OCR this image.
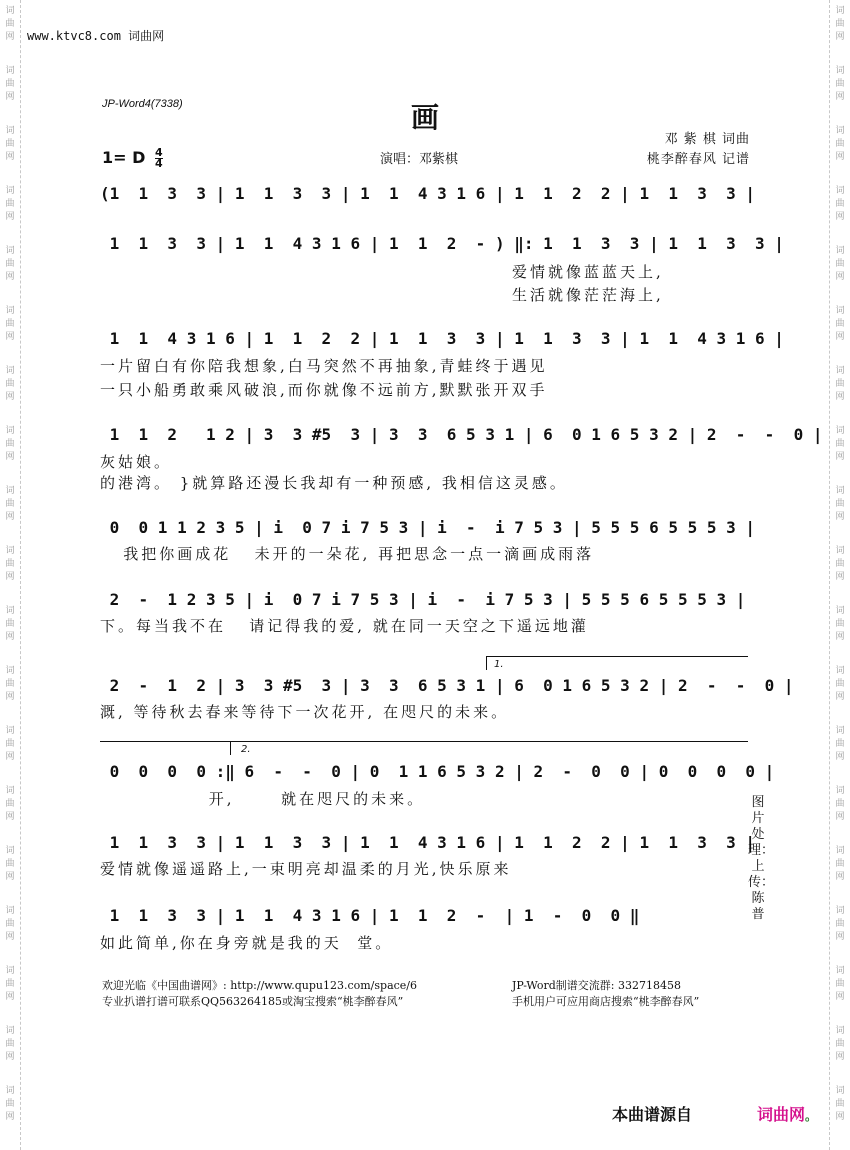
词
曲
网
词
曲
网
词
曲
网
词
曲
网
词
曲
网
词
曲
网
词
曲
网
词
曲
网
词
曲
网
词
曲
网
词
曲
网
词
曲
网
词
曲
网
词
曲
网
词
曲
网
词
曲
网
词
曲
网
词
曲
网
词
曲
网
词
曲
网
词
曲
网
词
曲
网
词
曲
网
词
曲
网
词
曲
网
词
曲
网
词
曲
网
词
曲
网
词
曲
网
词
曲
网
词
曲
网
词
曲
网
词
曲
网
词
曲
网
词
曲
网
词
曲
网
词
曲
网
词
曲
网
www.ktvc8.com 词曲网
JP-Word4(7338)	画
邓 紫 棋 词曲
演唱：邓紫棋	桃李醉春风 记谱
1= D $\frac{4}{4}$
(1  1  3  3 | 1  1  3  3 | 1  1  4 3 1 6 | 1  1  2  2 | 1  1  3  3 |
1  1  3  3 | 1  1  4 3 1 6 | 1  1  2  - ) ‖: 1  1  3  3 | 1  1  3  3 |
爱情就像蓝蓝天上,
生活就像茫茫海上,
1  1  4 3 1 6 | 1  1  2  2 | 1  1  3  3 | 1  1  3  3 | 1  1  4 3 1 6 |
一片留白有你陪我想象,白马突然不再抽象,青蛙终于遇见
一只小船勇敢乘风破浪,而你就像不远前方,默默张开双手
1  1  2   1 2 | 3  3 #5  3 | 3  3  6 5 3 1 | 6  0 1 6 5 3 2 | 2  -  -  0 |
灰姑娘。
的港湾。 }就算路还漫长我却有一种预感, 我相信这灵感。
0  0 1 1 2 3 5 | i  0 7 i 7 5 3 | i  -  i 7 5 3 | 5 5 5 6 5 5 5 3 |
我把你画成花   未开的一朵花, 再把思念一点一滴画成雨落
2  -  1 2 3 5 | i  0 7 i 7 5 3 | i  -  i 7 5 3 | 5 5 5 6 5 5 5 3 |
下。每当我不在   请记得我的爱, 就在同一天空之下遥远地灌
1.
2  -  1  2 | 3  3 #5  3 | 3  3  6 5 3 1 | 6  0 1 6 5 3 2 | 2  -  -  0 |
溉, 等待秋去春来等待下一次花开, 在咫尺的未来。
2.
0  0  0  0 :‖ 6  -  -  0 | 0  1 1 6 5 3 2 | 2  -  0  0 | 0  0  0  0 |
开,      就在咫尺的未来。
1  1  3  3 | 1  1  3  3 | 1  1  4 3 1 6 | 1  1  2  2 | 1  1  3  3 |
爱情就像遥遥路上,一束明亮却温柔的月光,快乐原来
1  1  3  3 | 1  1  4 3 1 6 | 1  1  2  -  | 1  -  0  0 ‖
如此简单,你在身旁就是我的天  堂。
图片处理：上传：陈普
欢迎光临《中国曲谱网》: http://www.qupu123.com/space/6	JP-Word制谱交流群: 332718458
专业扒谱打谱可联系QQ563264185或淘宝搜索“桃李醉春风”	手机用户可应用商店搜索“桃李醉春风”
本曲谱源自	词曲网。
